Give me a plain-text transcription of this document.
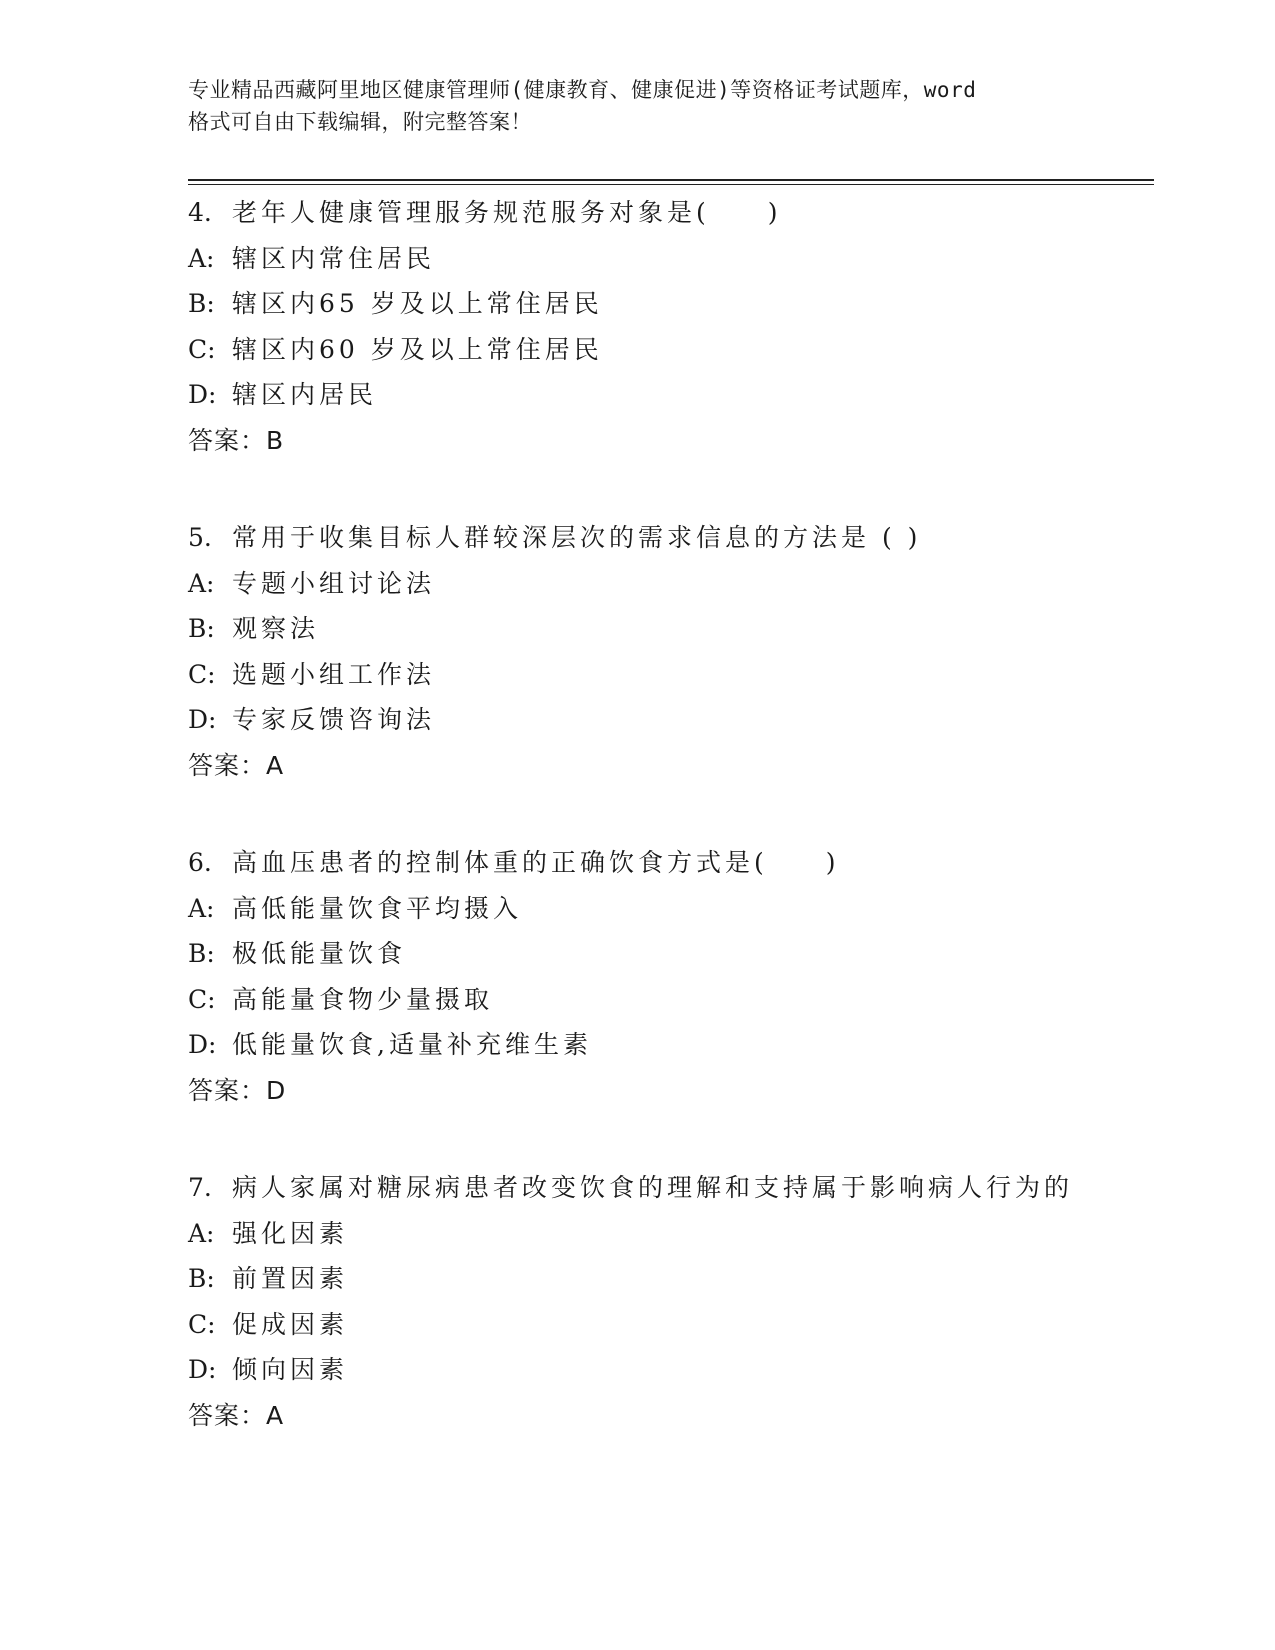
专业精品西藏阿里地区健康管理师(健康教育、健康促进)等资格证考试题库，word
格式可自由下载编辑，附完整答案！
4. 老年人健康管理服务规范服务对象是(　　)
A: 辖区内常住居民
B: 辖区内65 岁及以上常住居民
C: 辖区内60 岁及以上常住居民
D: 辖区内居民
答案：B
5. 常用于收集目标人群较深层次的需求信息的方法是 ( )
A: 专题小组讨论法
B: 观察法
C: 选题小组工作法
D: 专家反馈咨询法
答案：A
6. 高血压患者的控制体重的正确饮食方式是(　　)
A: 高低能量饮食平均摄入
B: 极低能量饮食
C: 高能量食物少量摄取
D: 低能量饮食,适量补充维生素
答案：D
7. 病人家属对糖尿病患者改变饮食的理解和支持属于影响病人行为的
A: 强化因素
B: 前置因素
C: 促成因素
D: 倾向因素
答案：A
